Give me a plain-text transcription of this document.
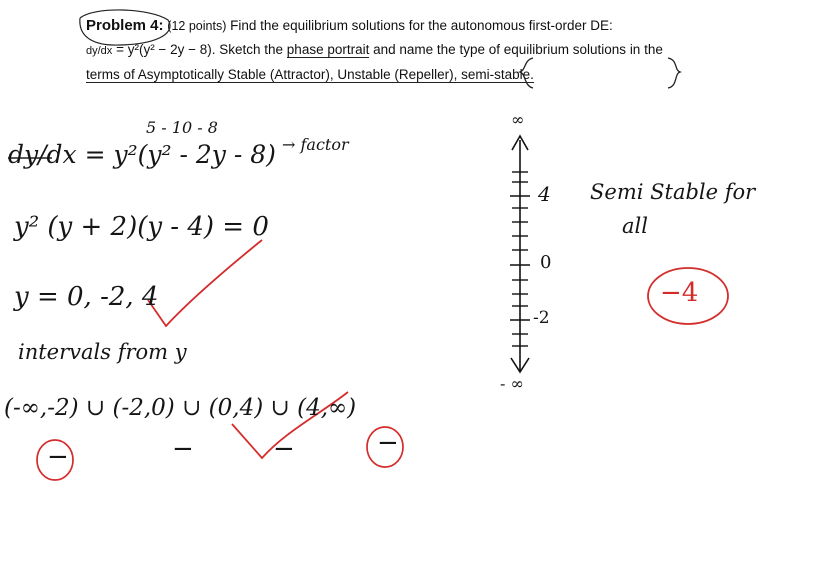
Problem 4: (12 points) Find the equilibrium solutions for the autonomous first-order DE:
dy/dx = y²(y² − 2y − 8). Sketch the phase portrait and name the type of equilibrium solutions in the
terms of Asymptotically Stable (Attractor), Unstable (Repeller), semi-stable.
5 - 10 - 8
dy/dx = y²(y² - 2y - 8) → factor
y² (y + 2)(y - 4) = 0
y = 0, -2, 4
intervals from y
(-∞,-2) ∪ (-2,0) ∪ (0,4) ∪ (4,∞)
−	−	−	−
∞
4
0
-2
- ∞
Semi Stable for
all
−4
